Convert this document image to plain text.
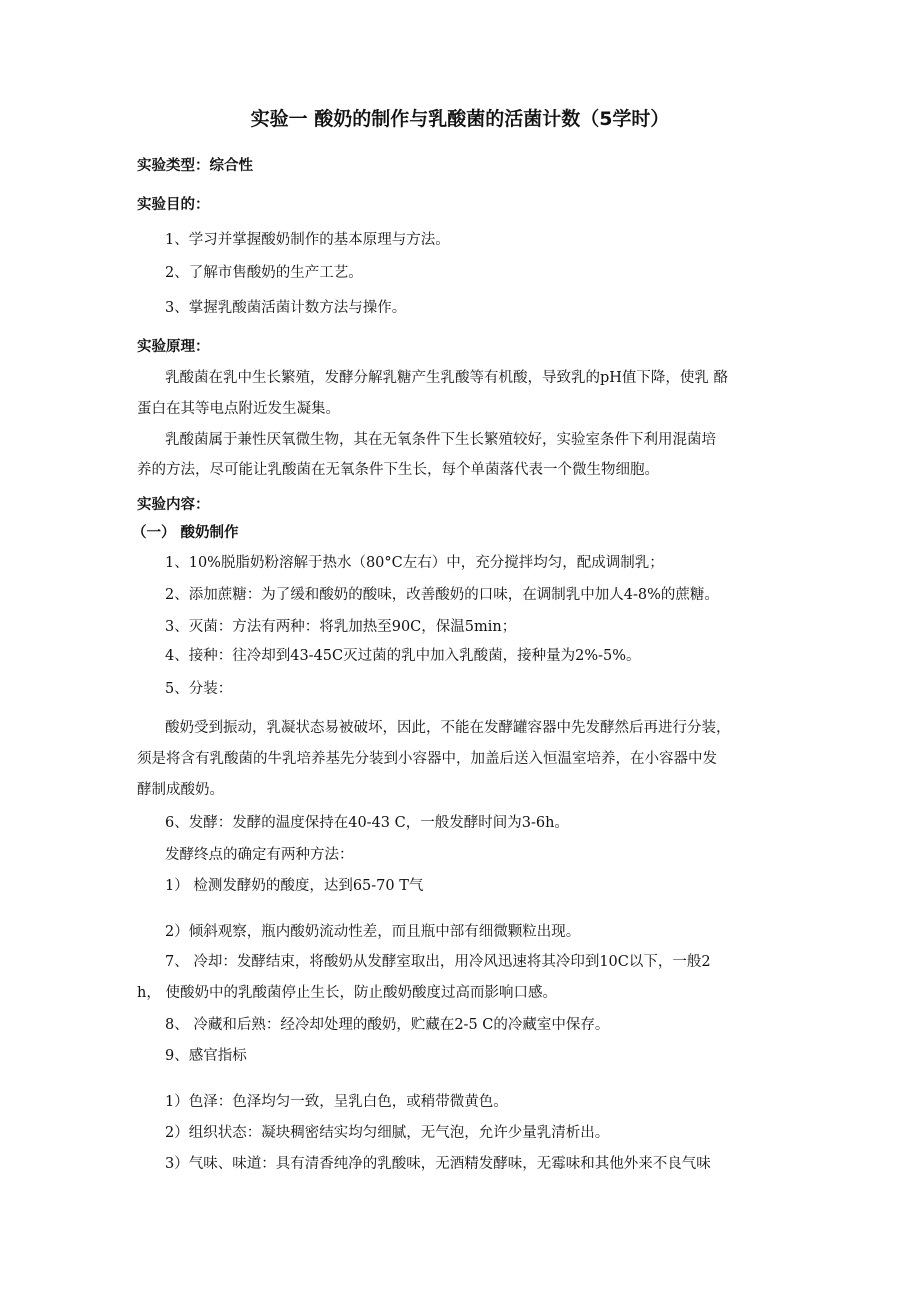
实验一 酸奶的制作与乳酸菌的活菌计数（5学时）
实验类型：综合性
实验目的：
1、学习并掌握酸奶制作的基本原理与方法。
2、了解市售酸奶的生产工艺。
3、掌握乳酸菌活菌计数方法与操作。
实验原理：
乳酸菌在乳中生长繁殖，发酵分解乳糖产生乳酸等有机酸，导致乳的pH值下降，使乳 酪
蛋白在其等电点附近发生凝集。
乳酸菌属于兼性厌氧微生物，其在无氧条件下生长繁殖较好，实验室条件下利用混菌培
养的方法，尽可能让乳酸菌在无氧条件下生长，每个单菌落代表一个微生物细胞。
实验内容：
（一） 酸奶制作
1、10%脱脂奶粉溶解于热水（80°C左右）中，充分搅拌均匀，配成调制乳；
2、添加蔗糖：为了缓和酸奶的酸味，改善酸奶的口味，在调制乳中加人4-8%的蔗糖。
3、灭菌：方法有两种：将乳加热至90C，保温5min；
4、接种：往冷却到43-45C灭过菌的乳中加入乳酸菌，接种量为2%-5%。
5、分装：
酸奶受到振动，乳凝状态易被破坏，因此，不能在发酵罐容器中先发酵然后再进行分装，
须是将含有乳酸菌的牛乳培养基先分装到小容器中，加盖后送入恒温室培养，在小容器中发
酵制成酸奶。
6、发酵：发酵的温度保持在40-43 C，一般发酵时间为3-6h。
发酵终点的确定有两种方法：
1） 检测发酵奶的酸度，达到65-70 T气
2）倾斜观察，瓶内酸奶流动性差，而且瓶中部有细微颗粒出现。
7、 冷却：发酵结束，将酸奶从发酵室取出，用冷风迅速将其冷印到10C以下，一般2
h， 使酸奶中的乳酸菌停止生长，防止酸奶酸度过高而影响口感。
8、 冷藏和后熟：经冷却处理的酸奶，贮藏在2-5 C的冷藏室中保存。
9、感官指标
1）色泽：色泽均匀一致，呈乳白色，或稍带微黄色。
2）组织状态：凝块稠密结实均匀细腻，无气泡，允许少量乳清析出。
3）气味、味道：具有清香纯净的乳酸味，无酒精发酵味，无霉味和其他外来不良气味
